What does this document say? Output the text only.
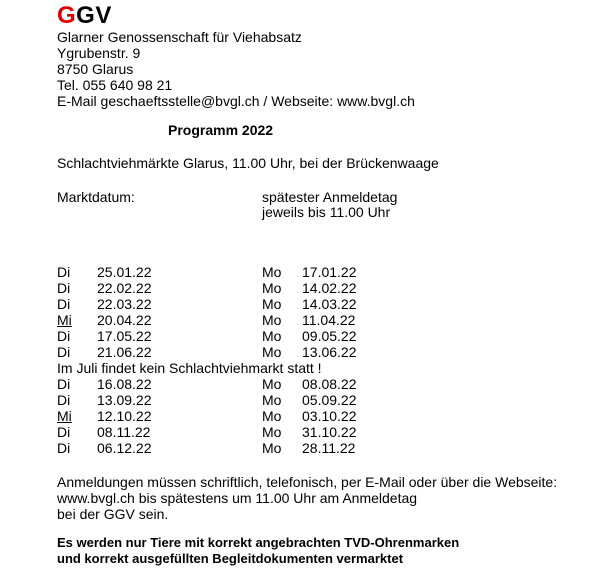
GGV
Glarner Genossenschaft für Viehabsatz
Ygrubenstr. 9
8750 Glarus
Tel. 055 640 98 21
E-Mail geschaeftsstelle@bvgl.ch / Webseite: www.bvgl.ch
Programm 2022
Schlachtviehmärkte Glarus, 11.00 Uhr, bei der Brückenwaage
Marktdatum:	spätester Anmeldetag
jeweils bis 11.00 Uhr
Di 25.01.22	Mo 17.01.22
Di 22.02.22	Mo 14.02.22
Di 22.03.22	Mo 14.03.22
Mi 20.04.22	Mo 11.04.22
Di 17.05.22	Mo 09.05.22
Di 21.06.22	Mo 13.06.22
Im Juli findet kein Schlachtviehmarkt statt !
Di 16.08.22	Mo 08.08.22
Di 13.09.22	Mo 05.09.22
Mi 12.10.22	Mo 03.10.22
Di 08.11.22	Mo 31.10.22
Di 06.12.22	Mo 28.11.22
Anmeldungen müssen schriftlich, telefonisch, per E-Mail oder über die Webseite:
www.bvgl.ch bis spätestens um 11.00 Uhr am Anmeldetag
bei der GGV sein.
Es werden nur Tiere mit korrekt angebrachten TVD-Ohrenmarken
und korrekt ausgefüllten Begleitdokumenten vermarktet
